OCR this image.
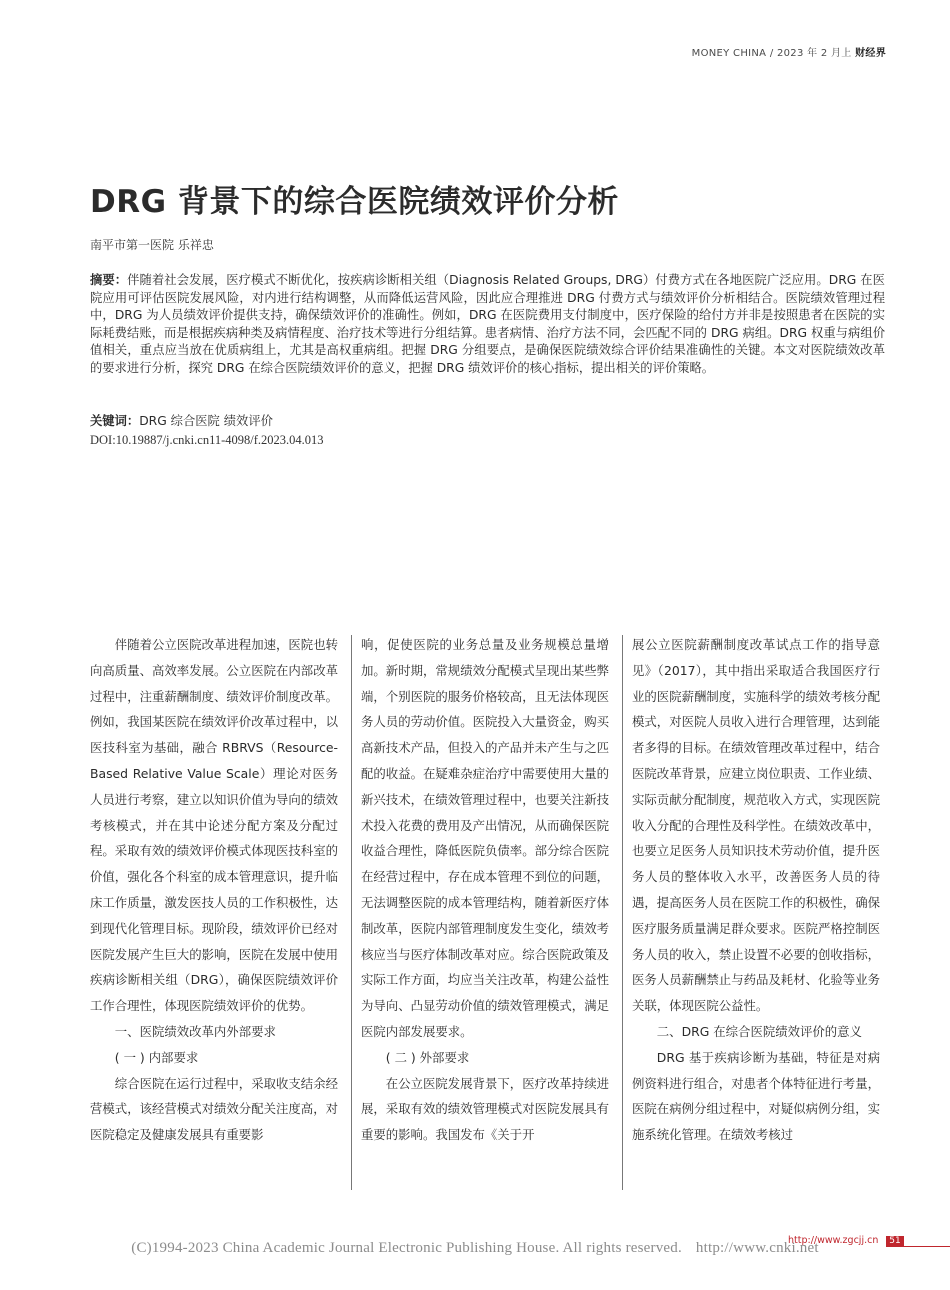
MONEY CHINA / 2023 年 2 月上 财经界
DRG 背景下的综合医院绩效评价分析
南平市第一医院 乐祥忠
摘要：伴随着社会发展，医疗模式不断优化，按疾病诊断相关组（Diagnosis Related Groups, DRG）付费方式在各地医院广泛应用。DRG 在医院应用可评估医院发展风险，对内进行结构调整，从而降低运营风险，因此应合理推进 DRG 付费方式与绩效评价分析相结合。医院绩效管理过程中，DRG 为人员绩效评价提供支持，确保绩效评价的准确性。例如，DRG 在医院费用支付制度中，医疗保险的给付方并非是按照患者在医院的实际耗费结账，而是根据疾病种类及病情程度、治疗技术等进行分组结算。患者病情、治疗方法不同，会匹配不同的 DRG 病组。DRG 权重与病组价值相关，重点应当放在优质病组上，尤其是高权重病组。把握 DRG 分组要点，是确保医院绩效综合评价结果准确性的关键。本文对医院绩效改革的要求进行分析，探究 DRG 在综合医院绩效评价的意义，把握 DRG 绩效评价的核心指标，提出相关的评价策略。
关键词：DRG 综合医院 绩效评价
DOI:10.19887/j.cnki.cn11-4098/f.2023.04.013

伴随着公立医院改革进程加速，医院也转向高质量、高效率发展。公立医院在内部改革过程中，注重薪酬制度、绩效评价制度改革。例如，我国某医院在绩效评价改革过程中，以医技科室为基础，融合 RBRVS（Resource-Based Relative Value Scale）理论对医务人员进行考察，建立以知识价值为导向的绩效考核模式，并在其中论述分配方案及分配过程。采取有效的绩效评价模式体现医技科室的价值，强化各个科室的成本管理意识，提升临床工作质量，激发医技人员的工作积极性，达到现代化管理目标。现阶段，绩效评价已经对医院发展产生巨大的影响，医院在发展中使用疾病诊断相关组（DRG），确保医院绩效评价工作合理性，体现医院绩效评价的优势。

一、医院绩效改革内外部要求
( 一 ) 内部要求

综合医院在运行过程中，采取收支结余经营模式，该经营模式对绩效分配关注度高，对医院稳定及健康发展具有重要影

响，促使医院的业务总量及业务规模总量增加。新时期，常规绩效分配模式呈现出某些弊端，个别医院的服务价格较高，且无法体现医务人员的劳动价值。医院投入大量资金，购买高新技术产品，但投入的产品并未产生与之匹配的收益。在疑难杂症治疗中需要使用大量的新兴技术，在绩效管理过程中，也要关注新技术投入花费的费用及产出情况，从而确保医院收益合理性，降低医院负债率。部分综合医院在经营过程中，存在成本管理不到位的问题，无法调整医院的成本管理结构，随着新医疗体制改革，医院内部管理制度发生变化，绩效考核应当与医疗体制改革对应。综合医院政策及实际工作方面，均应当关注改革，构建公益性为导向、凸显劳动价值的绩效管理模式，满足医院内部发展要求。

( 二 ) 外部要求

在公立医院发展背景下，医疗改革持续进展，采取有效的绩效管理模式对医院发展具有重要的影响。我国发布《关于开

展公立医院薪酬制度改革试点工作的指导意见》（2017），其中指出采取适合我国医疗行业的医院薪酬制度，实施科学的绩效考核分配模式，对医院人员收入进行合理管理，达到能者多得的目标。在绩效管理改革过程中，结合医院改革背景，应建立岗位职责、工作业绩、实际贡献分配制度，规范收入方式，实现医院收入分配的合理性及科学性。在绩效改革中，也要立足医务人员知识技术劳动价值，提升医务人员的整体收入水平，改善医务人员的待遇，提高医务人员在医院工作的积极性，确保医疗服务质量满足群众要求。医院严格控制医务人员的收入，禁止设置不必要的创收指标，医务人员薪酬禁止与药品及耗材、化验等业务关联，体现医院公益性。

二、DRG 在综合医院绩效评价的意义

DRG 基于疾病诊断为基础，特征是对病例资料进行组合，对患者个体特征进行考量，医院在病例分组过程中，对疑似病例分组，实施系统化管理。在绩效考核过

http://www.zgcjj.cn	51
(C)1994-2023 China Academic Journal Electronic Publishing House. All rights reserved. http://www.cnki.net
